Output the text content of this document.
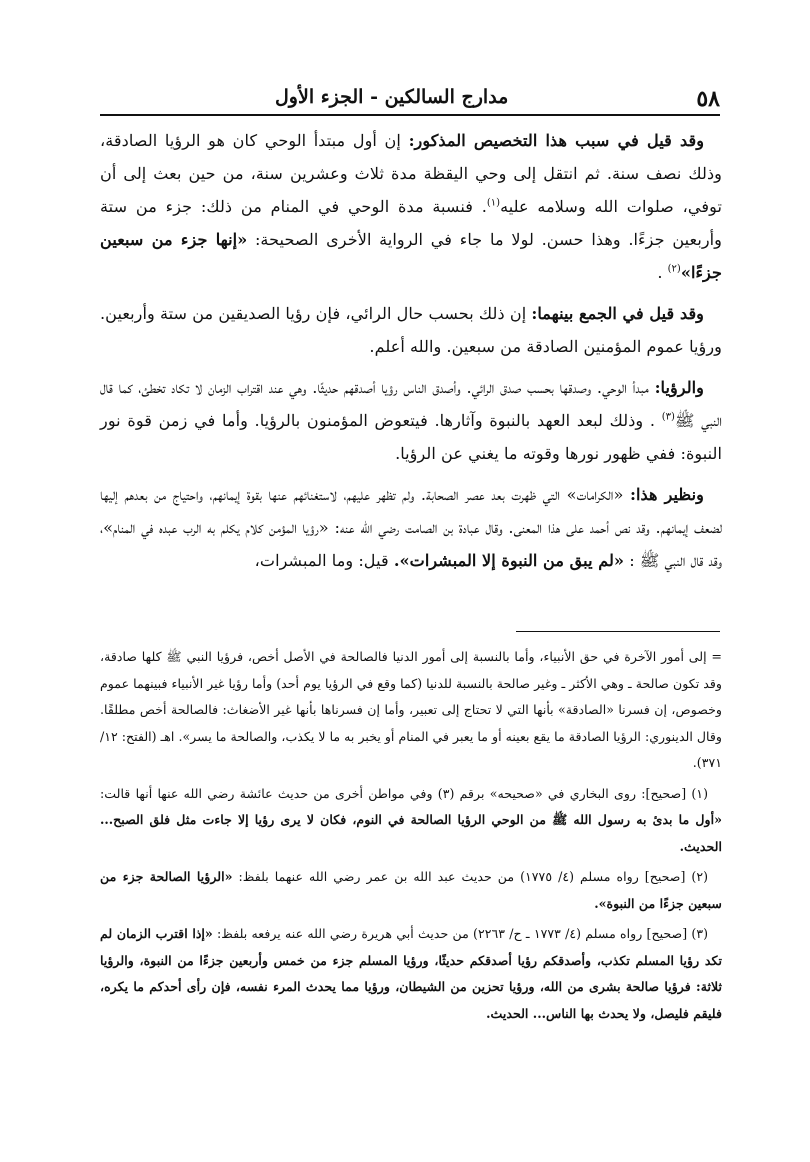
٥٨
مدارج السالكين - الجزء الأول

وقد قيل في سبب هذا التخصيص المذكور: إن أول مبتدأ الوحي كان هو الرؤيا الصادقة، وذلك نصف سنة. ثم انتقل إلى وحي اليقظة مدة ثلاث وعشرين سنة، من حين بعث إلى أن توفي، صلوات الله وسلامه عليه$^{(١)}$. فنسبة مدة الوحي في المنام من ذلك: جزء من ستة وأربعين جزءًا. وهذا حسن. لولا ما جاء في الرواية الأخرى الصحيحة: «إنها جزء من سبعين جزءًا»$^{(٢)}$ .

وقد قيل في الجمع بينهما: إن ذلك بحسب حال الرائي، فإن رؤيا الصديقين من ستة وأربعين. ورؤيا عموم المؤمنين الصادقة من سبعين. والله أعلم.

والرؤيا: مبدأ الوحي. وصدقها بحسب صدق الرائي. وأصدق الناس رؤيا أصدقهم حديثًا. وهي عند اقتراب الزمان لا تكاد تخطئ، كما قال النبي ﷺ$^{(٣)}$ . وذلك لبعد العهد بالنبوة وآثارها. فيتعوض المؤمنون بالرؤيا. وأما في زمن قوة نور النبوة: ففي ظهور نورها وقوته ما يغني عن الرؤيا.

ونظير هذا: «الكرامات» التي ظهرت بعد عصر الصحابة. ولم تظهر عليهم، لاستغنائهم عنها بقوة إيمانهم، واحتياج من بعدهم إليها لضعف إيمانهم. وقد نص أحمد على هذا المعنى. وقال عبادة بن الصامت رضي الله عنه: «رؤيا المؤمن كلام يكلم به الرب عبده في المنام»، وقد قال النبي ﷺ : «لم يبق من النبوة إلا المبشرات». قيل: وما المبشرات،

= إلى أمور الآخرة في حق الأنبياء، وأما بالنسبة إلى أمور الدنيا فالصالحة في الأصل أخص، فرؤيا النبي ﷺ كلها صادقة، وقد تكون صالحة ـ وهي الأكثر ـ وغير صالحة بالنسبة للدنيا (كما وقع في الرؤيا يوم أحد) وأما رؤيا غير الأنبياء فبينهما عموم وخصوص، إن فسرنا «الصادقة» بأنها التي لا تحتاج إلى تعبير، وأما إن فسرناها بأنها غير الأضغاث: فالصالحة أخص مطلقًا. وقال الدينوري: الرؤيا الصادقة ما يقع بعينه أو ما يعبر في المنام أو يخبر به ما لا يكذب، والصالحة ما يسر». اهـ (الفتح: ١٢/ ٣٧١).

(١) [صحيح]: روى البخاري في «صحيحه» برقم (٣) وفي مواطن أخرى من حديث عائشة رضي الله عنها أنها قالت: «أول ما بدئ به رسول الله ﷺ من الوحي الرؤيا الصالحة في النوم، فكان لا يرى رؤيا إلا جاءت مثل فلق الصبح... الحديث.

(٢) [صحيح] رواه مسلم (٤/ ١٧٧٥) من حديث عبد الله بن عمر رضي الله عنهما بلفظ: «الرؤيا الصالحة جزء من سبعين جزءًا من النبوة».

(٣) [صحيح] رواه مسلم (٤/ ١٧٧٣ ـ ح/ ٢٢٦٣) من حديث أبي هريرة رضي الله عنه يرفعه بلفظ: «إذا اقترب الزمان لم تكد رؤيا المسلم تكذب، وأصدقكم رؤيا أصدقكم حديثًا، ورؤيا المسلم جزء من خمس وأربعين جزءًا من النبوة، والرؤيا ثلاثة: فرؤيا صالحة بشرى من الله، ورؤيا تحزين من الشيطان، ورؤيا مما يحدث المرء نفسه، فإن رأى أحدكم ما يكره، فليقم فليصل، ولا يحدث بها الناس... الحديث.
